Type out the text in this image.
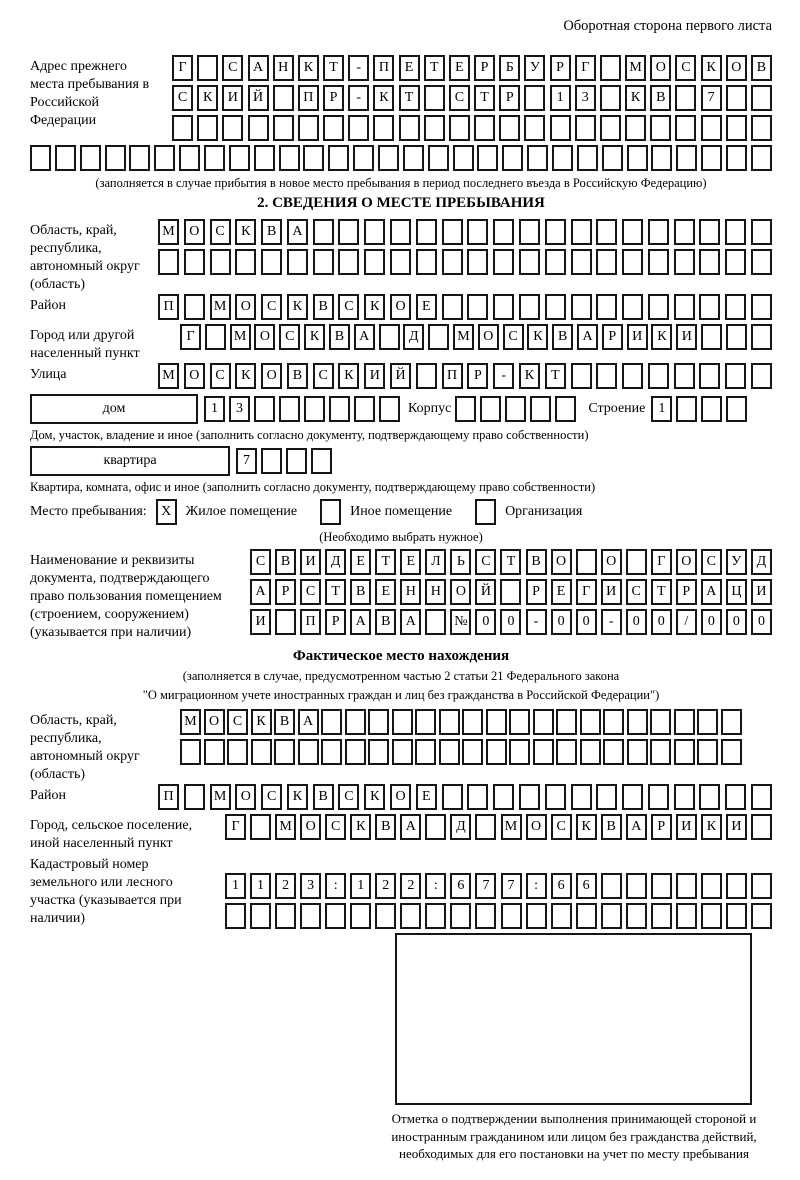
Оборотная сторона первого листа
Адрес прежнего места пребывания в Российской Федерации
Г	С	А	Н	К	Т	-	П	Е	Т	Е	Р	Б	У	Р	Г	М О	С	К	О	В
С	К	И	Й	П	Р	-	К	Т	С	Т	Р	1	3	К	В	7
(заполняется в случае прибытия в новое место пребывания в период последнего въезда в Российскую Федерацию)
2. СВЕДЕНИЯ О МЕСТЕ ПРЕБЫВАНИЯ
Область, край, республика, автономный округ (область)
М	О	С	К	В	А
Район	П	М	О	С	К	В	С	К	О	Е
Город или другой населенный пункт
Г	М О	С	К	В	А	Д	М О	С	К	В	А	Р	И	К	И
Улица	М	О	С	К	О	В	С	К	И	Й	П	Р	-	К	Т
дом	1	3	Корпус	Строение 1
Дом, участок, владение и иное (заполнить согласно документу, подтверждающему право собственности)
квартира	7
Квартира, комната, офис и иное (заполнить согласно документу, подтверждающему право собственности)
Место пребывания:	X	Жилое помещение	Иное помещение	Организация
(Необходимо выбрать нужное)
Наименование и реквизиты документа, подтверждающего право пользования помещением (строением, сооружением) (указывается при наличии)
С	В	И	Д	Е	Т	Е	Л	Ь	С	Т	В	О	О	Г	О	С	У	Д
А	Р	С	Т	В	Е	Н	Н	О	Й	Р	Е	Г	И	С	Т	Р	А	Ц	И
И	П	Р	А	В	А	№	0	0	-	0	0	-	0	0	/	0	0	0
Фактическое место нахождения
(заполняется в случае, предусмотренном частью 2 статьи 21 Федерального закона
"О миграционном учете иностранных граждан и лиц без гражданства в Российской Федерации")
Область, край, республика, автономный округ (область)
М О С	К	В А
Район	П	М	О	С	К	В	С	К	О	Е
Город, сельское поселение, иной населенный пункт
Г	М О	С	К	В	А	Д	М О	С	К	В	А	Р	И	К	И
Кадастровый номер земельного или лесного участка (указывается при наличии)
1	1	2	3	:	1	2	2	:	6	7	7	:	6	6
Отметка о подтверждении выполнения принимающей стороной и иностранным гражданином или лицом без гражданства действий, необходимых для его постановки на учет по месту пребывания
